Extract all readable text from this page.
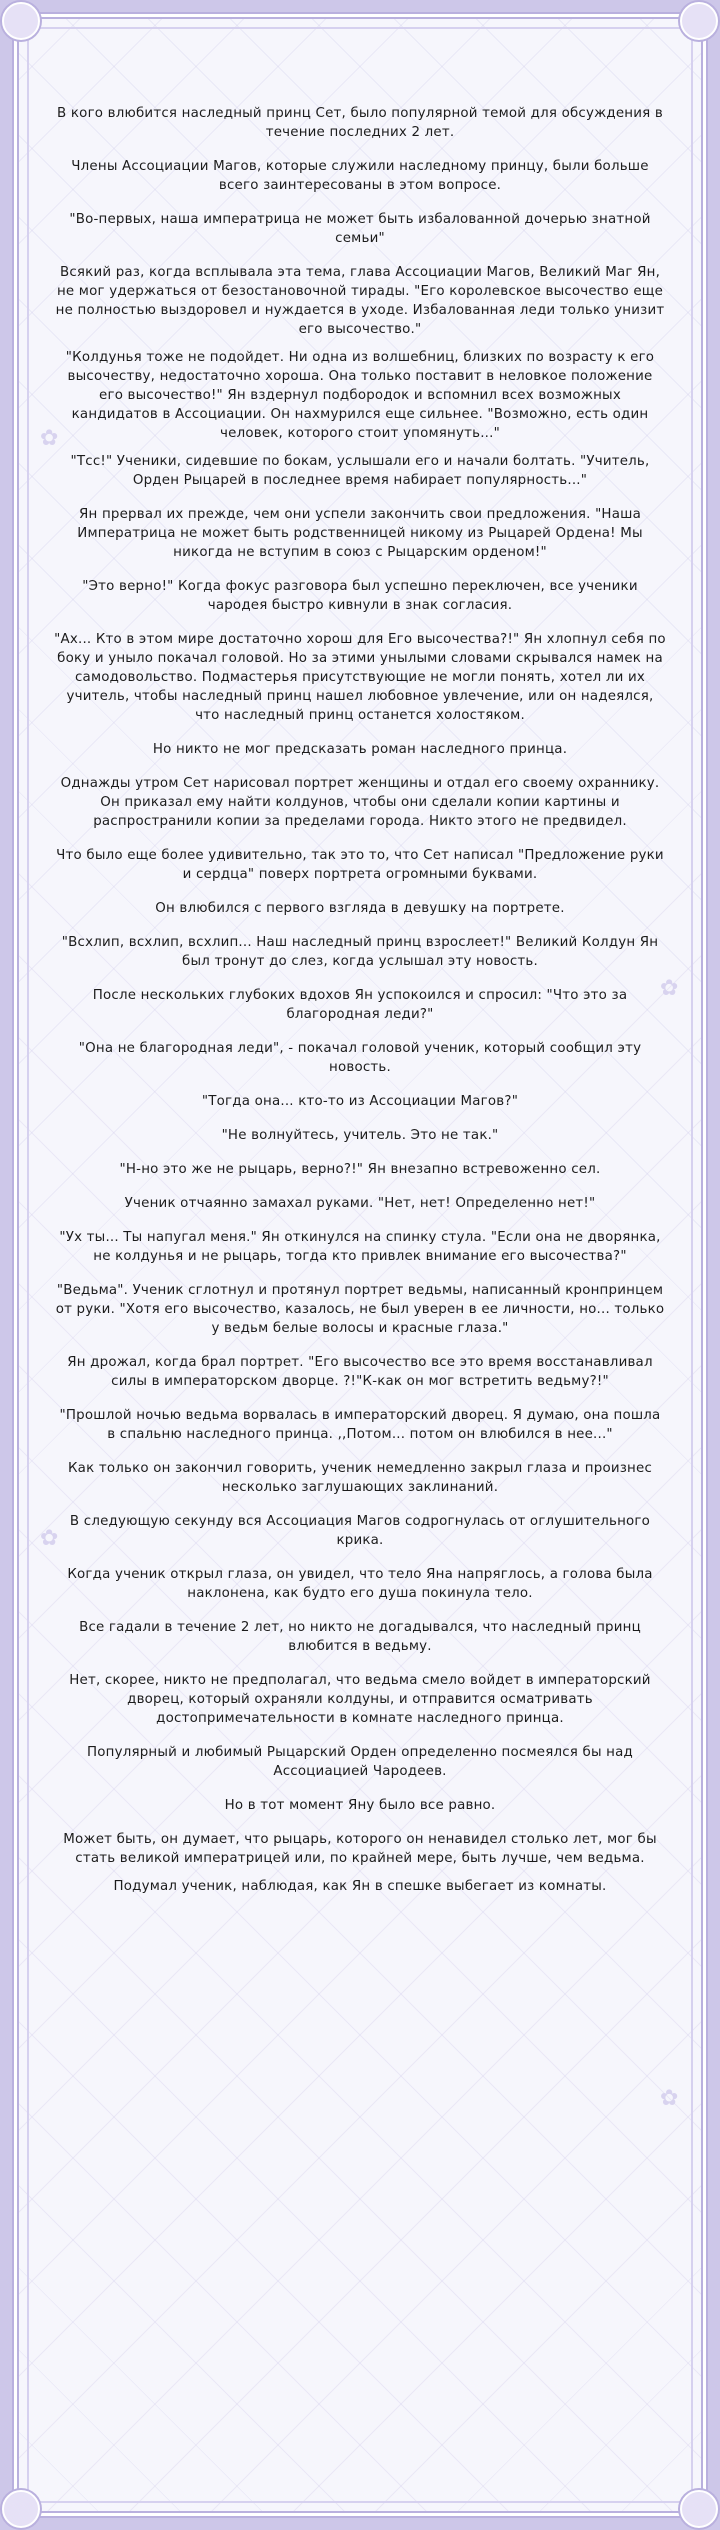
✿
✿
✿
✿

В кого влюбится наследный принц Сет, было популярной темой для обсуждения в течение последних 2 лет.

Члены Ассоциации Магов, которые служили наследному принцу, были больше всего заинтересованы в этом вопросе.

"Во-первых, наша императрица не может быть избалованной дочерью знатной семьи"

Всякий раз, когда всплывала эта тема, глава Ассоциации Магов, Великий Маг Ян, не мог удержаться от безостановочной тирады. "Его королевское высочество еще не полностью выздоровел и нуждается в уходе. Избалованная леди только унизит его высочество."

"Колдунья тоже не подойдет. Ни одна из волшебниц, близких по возрасту к его высочеству, недостаточно хороша. Она только поставит в неловкое положение его высочество!" Ян вздернул подбородок и вспомнил всех возможных кандидатов в Ассоциации. Он нахмурился еще сильнее. "Возможно, есть один человек, которого стоит упомянуть..."

"Тсс!" Ученики, сидевшие по бокам, услышали его и начали болтать. "Учитель, Орден Рыцарей в последнее время набирает популярность..."

Ян прервал их прежде, чем они успели закончить свои предложения. "Наша Императрица не может быть родственницей никому из Рыцарей Ордена! Мы никогда не вступим в союз с Рыцарским орденом!"

"Это верно!" Когда фокус разговора был успешно переключен, все ученики чародея быстро кивнули в знак согласия.

"Ах... Кто в этом мире достаточно хорош для Его высочества?!" Ян хлопнул себя по боку и уныло покачал головой. Но за этими унылыми словами скрывался намек на самодовольство. Подмастерья присутствующие не могли понять, хотел ли их учитель, чтобы наследный принц нашел любовное увлечение, или он надеялся, что наследный принц останется холостяком.

Но никто не мог предсказать роман наследного принца.

Однажды утром Сет нарисовал портрет женщины и отдал его своему охраннику. Он приказал ему найти колдунов, чтобы они сделали копии картины и распространили копии за пределами города. Никто этого не предвидел.

Что было еще более удивительно, так это то, что Сет написал "Предложение руки и сердца" поверх портрета огромными буквами.

Он влюбился с первого взгляда в девушку на портрете.

"Всхлип, всхлип, всхлип... Наш наследный принц взрослеет!" Великий Колдун Ян был тронут до слез, когда услышал эту новость.

После нескольких глубоких вдохов Ян успокоился и спросил: "Что это за благородная леди?"

"Она не благородная леди", - покачал головой ученик, который сообщил эту новость.

"Тогда она... кто-то из Ассоциации Магов?"

"Не волнуйтесь, учитель. Это не так."

"Н-но это же не рыцарь, верно?!" Ян внезапно встревоженно сел.

Ученик отчаянно замахал руками. "Нет, нет! Определенно нет!"

"Ух ты... Ты напугал меня." Ян откинулся на спинку стула. "Если она не дворянка, не колдунья и не рыцарь, тогда кто привлек внимание его высочества?"

"Ведьма". Ученик сглотнул и протянул портрет ведьмы, написанный кронпринцем от руки. "Хотя его высочество, казалось, не был уверен в ее личности, но... только у ведьм белые волосы и красные глаза."

Ян дрожал, когда брал портрет. "Его высочество все это время восстанавливал силы в императорском дворце. ?!"К-как он мог встретить ведьму?!"

"Прошлой ночью ведьма ворвалась в императорский дворец. Я думаю, она пошла в спальню наследного принца. ,,Потом... потом он влюбился в нее..."

Как только он закончил говорить, ученик немедленно закрыл глаза и произнес несколько заглушающих заклинаний.

В следующую секунду вся Ассоциация Магов содрогнулась от оглушительного крика.

Когда ученик открыл глаза, он увидел, что тело Яна напряглось, а голова была наклонена, как будто его душа покинула тело.

Все гадали в течение 2 лет, но никто не догадывался, что наследный принц влюбится в ведьму.

Нет, скорее, никто не предполагал, что ведьма смело войдет в императорский дворец, который охраняли колдуны, и отправится осматривать достопримечательности в комнате наследного принца.

Популярный и любимый Рыцарский Орден определенно посмеялся бы над Ассоциацией Чародеев.

Но в тот момент Яну было все равно.

Может быть, он думает, что рыцарь, которого он ненавидел столько лет, мог бы стать великой императрицей или, по крайней мере, быть лучше, чем ведьма.

Подумал ученик, наблюдая, как Ян в спешке выбегает из комнаты.
